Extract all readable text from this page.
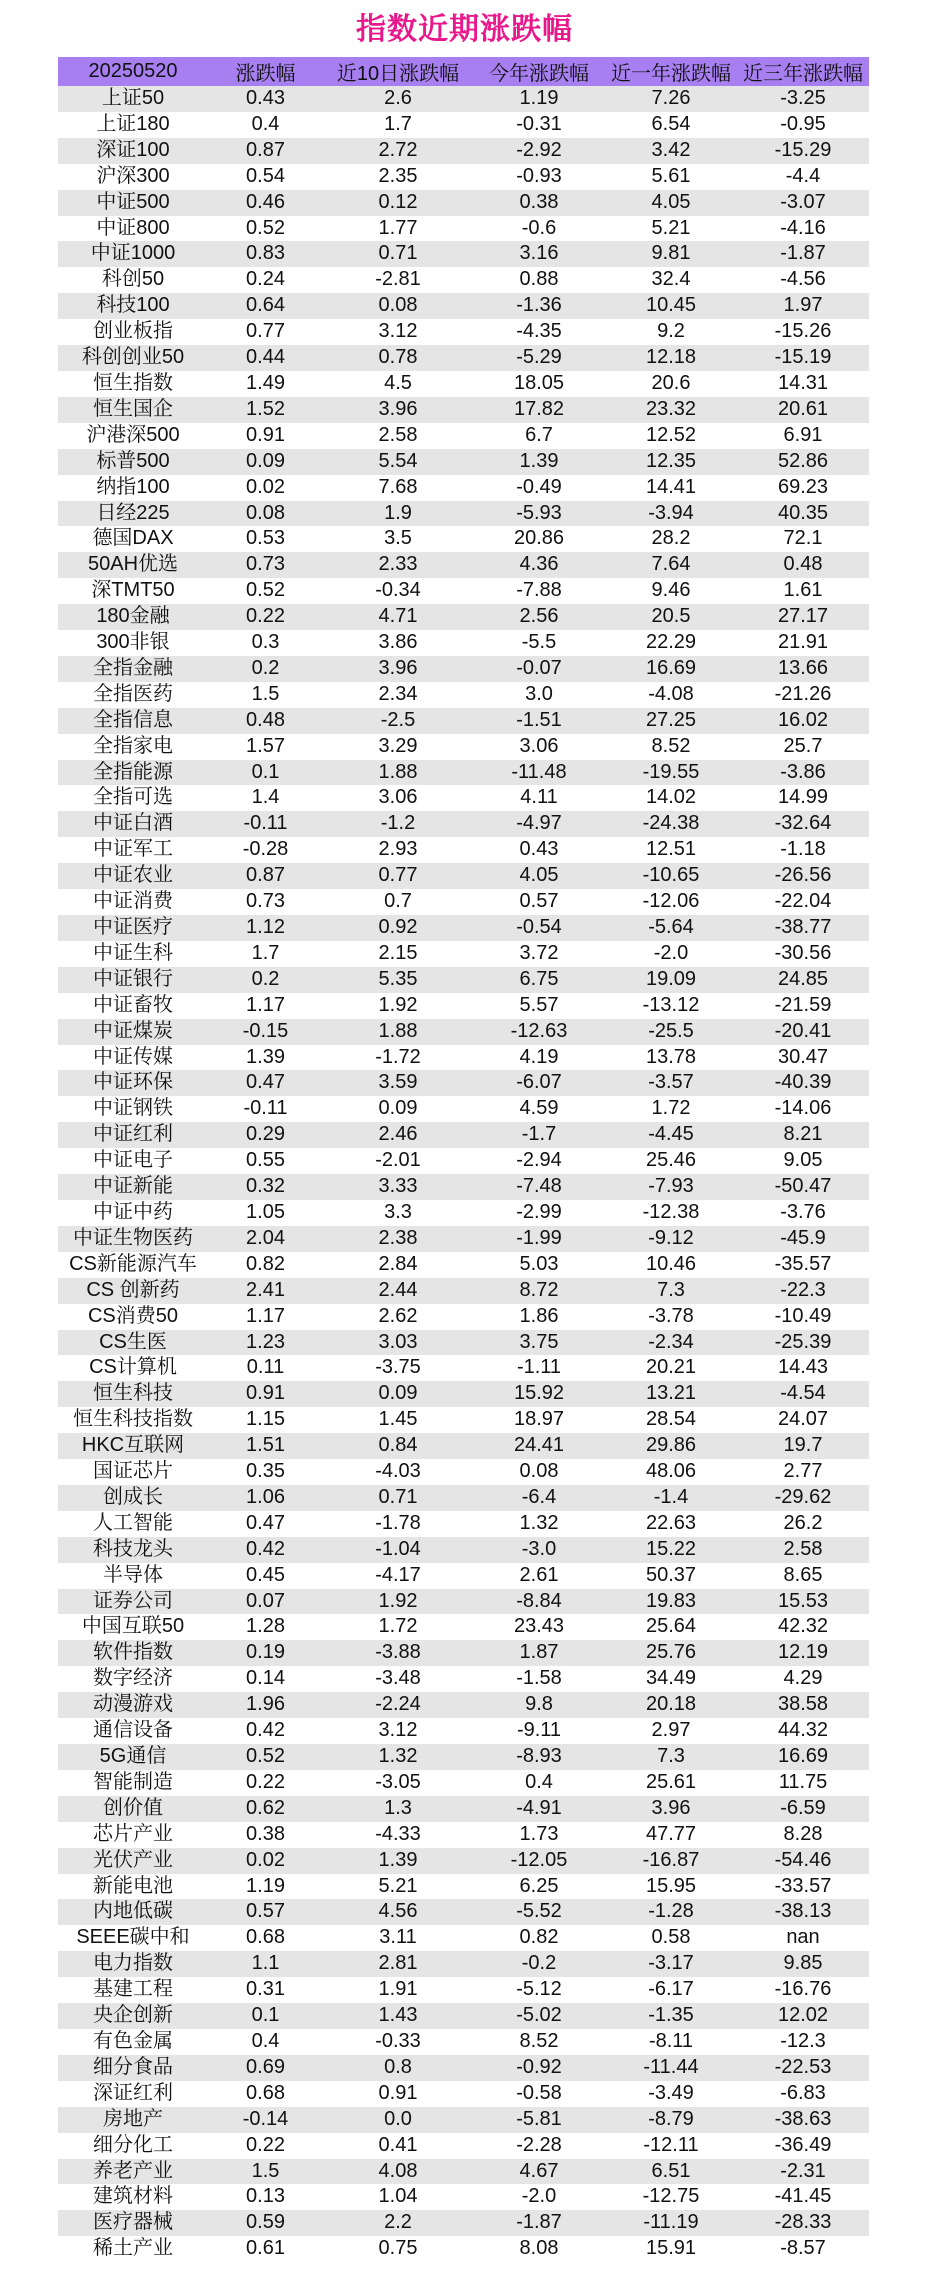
指数近期涨跌幅
20250520	涨跌幅	近10日涨跌幅	今年涨跌幅	近一年涨跌幅	近三年涨跌幅
上证50	0.43	2.6	1.19	7.26	-3.25
上证180	0.4	1.7	-0.31	6.54	-0.95
深证100	0.87	2.72	-2.92	3.42	-15.29
沪深300	0.54	2.35	-0.93	5.61	-4.4
中证500	0.46	0.12	0.38	4.05	-3.07
中证800	0.52	1.77	-0.6	5.21	-4.16
中证1000	0.83	0.71	3.16	9.81	-1.87
科创50	0.24	-2.81	0.88	32.4	-4.56
科技100	0.64	0.08	-1.36	10.45	1.97
创业板指	0.77	3.12	-4.35	9.2	-15.26
科创创业50	0.44	0.78	-5.29	12.18	-15.19
恒生指数	1.49	4.5	18.05	20.6	14.31
恒生国企	1.52	3.96	17.82	23.32	20.61
沪港深500	0.91	2.58	6.7	12.52	6.91
标普500	0.09	5.54	1.39	12.35	52.86
纳指100	0.02	7.68	-0.49	14.41	69.23
日经225	0.08	1.9	-5.93	-3.94	40.35
德国DAX	0.53	3.5	20.86	28.2	72.1
50AH优选	0.73	2.33	4.36	7.64	0.48
深TMT50	0.52	-0.34	-7.88	9.46	1.61
180金融	0.22	4.71	2.56	20.5	27.17
300非银	0.3	3.86	-5.5	22.29	21.91
全指金融	0.2	3.96	-0.07	16.69	13.66
全指医药	1.5	2.34	3.0	-4.08	-21.26
全指信息	0.48	-2.5	-1.51	27.25	16.02
全指家电	1.57	3.29	3.06	8.52	25.7
全指能源	0.1	1.88	-11.48	-19.55	-3.86
全指可选	1.4	3.06	4.11	14.02	14.99
中证白酒	-0.11	-1.2	-4.97	-24.38	-32.64
中证军工	-0.28	2.93	0.43	12.51	-1.18
中证农业	0.87	0.77	4.05	-10.65	-26.56
中证消费	0.73	0.7	0.57	-12.06	-22.04
中证医疗	1.12	0.92	-0.54	-5.64	-38.77
中证生科	1.7	2.15	3.72	-2.0	-30.56
中证银行	0.2	5.35	6.75	19.09	24.85
中证畜牧	1.17	1.92	5.57	-13.12	-21.59
中证煤炭	-0.15	1.88	-12.63	-25.5	-20.41
中证传媒	1.39	-1.72	4.19	13.78	30.47
中证环保	0.47	3.59	-6.07	-3.57	-40.39
中证钢铁	-0.11	0.09	4.59	1.72	-14.06
中证红利	0.29	2.46	-1.7	-4.45	8.21
中证电子	0.55	-2.01	-2.94	25.46	9.05
中证新能	0.32	3.33	-7.48	-7.93	-50.47
中证中药	1.05	3.3	-2.99	-12.38	-3.76
中证生物医药	2.04	2.38	-1.99	-9.12	-45.9
CS新能源汽车	0.82	2.84	5.03	10.46	-35.57
CS 创新药	2.41	2.44	8.72	7.3	-22.3
CS消费50	1.17	2.62	1.86	-3.78	-10.49
CS生医	1.23	3.03	3.75	-2.34	-25.39
CS计算机	0.11	-3.75	-1.11	20.21	14.43
恒生科技	0.91	0.09	15.92	13.21	-4.54
恒生科技指数	1.15	1.45	18.97	28.54	24.07
HKC互联网	1.51	0.84	24.41	29.86	19.7
国证芯片	0.35	-4.03	0.08	48.06	2.77
创成长	1.06	0.71	-6.4	-1.4	-29.62
人工智能	0.47	-1.78	1.32	22.63	26.2
科技龙头	0.42	-1.04	-3.0	15.22	2.58
半导体	0.45	-4.17	2.61	50.37	8.65
证券公司	0.07	1.92	-8.84	19.83	15.53
中国互联50	1.28	1.72	23.43	25.64	42.32
软件指数	0.19	-3.88	1.87	25.76	12.19
数字经济	0.14	-3.48	-1.58	34.49	4.29
动漫游戏	1.96	-2.24	9.8	20.18	38.58
通信设备	0.42	3.12	-9.11	2.97	44.32
5G通信	0.52	1.32	-8.93	7.3	16.69
智能制造	0.22	-3.05	0.4	25.61	11.75
创价值	0.62	1.3	-4.91	3.96	-6.59
芯片产业	0.38	-4.33	1.73	47.77	8.28
光伏产业	0.02	1.39	-12.05	-16.87	-54.46
新能电池	1.19	5.21	6.25	15.95	-33.57
内地低碳	0.57	4.56	-5.52	-1.28	-38.13
SEEE碳中和	0.68	3.11	0.82	0.58	nan
电力指数	1.1	2.81	-0.2	-3.17	9.85
基建工程	0.31	1.91	-5.12	-6.17	-16.76
央企创新	0.1	1.43	-5.02	-1.35	12.02
有色金属	0.4	-0.33	8.52	-8.11	-12.3
细分食品	0.69	0.8	-0.92	-11.44	-22.53
深证红利	0.68	0.91	-0.58	-3.49	-6.83
房地产	-0.14	0.0	-5.81	-8.79	-38.63
细分化工	0.22	0.41	-2.28	-12.11	-36.49
养老产业	1.5	4.08	4.67	6.51	-2.31
建筑材料	0.13	1.04	-2.0	-12.75	-41.45
医疗器械	0.59	2.2	-1.87	-11.19	-28.33
稀土产业	0.61	0.75	8.08	15.91	-8.57
